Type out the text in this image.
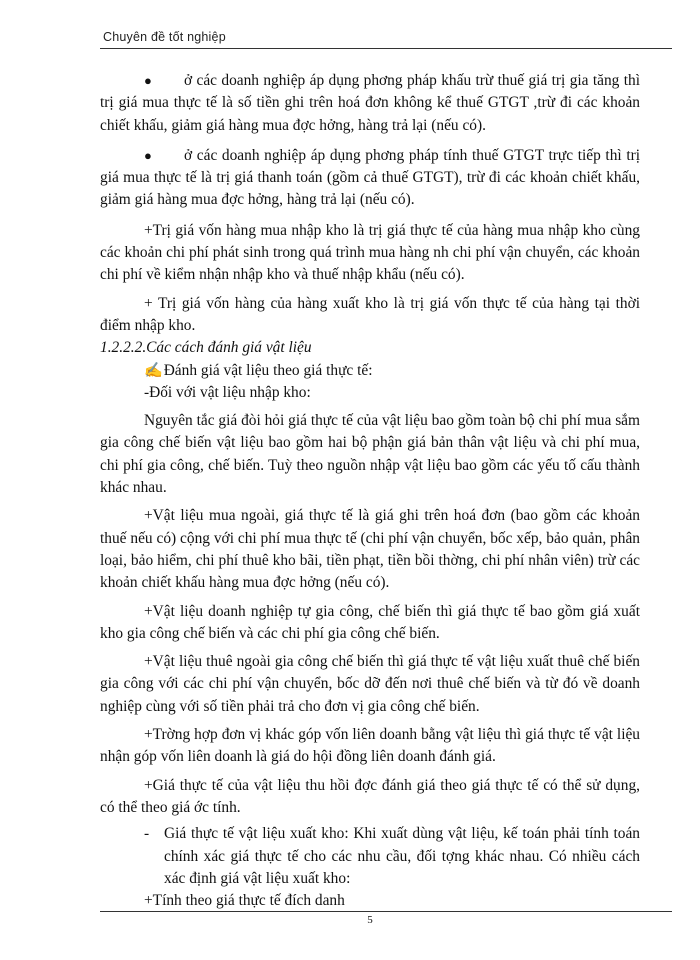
Chuyên đề tốt nghiệp

● ở các doanh nghiệp áp dụng phơng pháp khấu trừ thuế giá trị gia tăng thì trị giá mua thực tế là số tiền ghi trên hoá đơn không kể thuế GTGT ,trừ đi các khoản chiết khấu, giảm giá hàng mua đợc hởng, hàng trả lại (nếu có).

● ở các doanh nghiệp áp dụng phơng pháp tính thuế GTGT trực tiếp thì trị giá mua thực tế là trị giá thanh toán (gồm cả thuế GTGT), trừ đi các khoản chiết khấu, giảm giá hàng mua đợc hởng, hàng trả lại (nếu có).

+Trị giá vốn hàng mua nhập kho là trị giá thực tế của hàng mua nhập kho cùng các khoản chi phí phát sinh trong quá trình mua hàng nh chi phí vận chuyển, các khoản chi phí về kiểm nhận nhập kho và thuế nhập khẩu (nếu có).

+ Trị giá vốn hàng của hàng xuất kho là trị giá vốn thực tế của hàng tại thời điểm nhập kho.

1.2.2.2.Các cách đánh giá vật liệu

✍Đánh giá vật liệu theo giá thực tế:

-Đối với vật liệu nhập kho:

Nguyên tắc giá đòi hỏi giá thực tế của vật liệu bao gồm toàn bộ chi phí mua sắm gia công chế biến vật liệu bao gồm hai bộ phận giá bản thân vật liệu và chi phí mua, chi phí gia công, chế biến. Tuỳ theo nguồn nhập vật liệu bao gồm các yếu tố cấu thành khác nhau.

+Vật liệu mua ngoài, giá thực tế là giá ghi trên hoá đơn (bao gồm các khoản thuế nếu có) cộng với chi phí mua thực tế (chi phí vận chuyển, bốc xếp, bảo quản, phân loại, bảo hiểm, chi phí thuê kho bãi, tiền phạt, tiền bồi thờng, chi phí nhân viên) trừ các khoản chiết khấu hàng mua đợc hởng (nếu có).

+Vật liệu doanh nghiệp tự gia công, chế biến thì giá thực tế bao gồm giá xuất kho gia công chế biến và các chi phí gia công chế biến.

+Vật liệu thuê ngoài gia công chế biến thì giá thực tế vật liệu xuất thuê chế biến gia công với các chi phí vận chuyển, bốc dỡ đến nơi thuê chế biến và từ đó về doanh nghiệp cùng với số tiền phải trả cho đơn vị gia công chế biến.

+Trờng hợp đơn vị khác góp vốn liên doanh bằng vật liệu thì giá thực tế vật liệu nhận góp vốn liên doanh là giá do hội đồng liên doanh đánh giá.

+Giá thực tế của vật liệu thu hồi đợc đánh giá theo giá thực tế có thể sử dụng, có thể theo giá ớc tính.

- Giá thực tế vật liệu xuất kho: Khi xuất dùng vật liệu, kế toán phải tính toán chính xác giá thực tế cho các nhu cầu, đối tợng khác nhau. Có nhiều cách xác định giá vật liệu xuất kho:

+Tính theo giá thực tế đích danh

5
